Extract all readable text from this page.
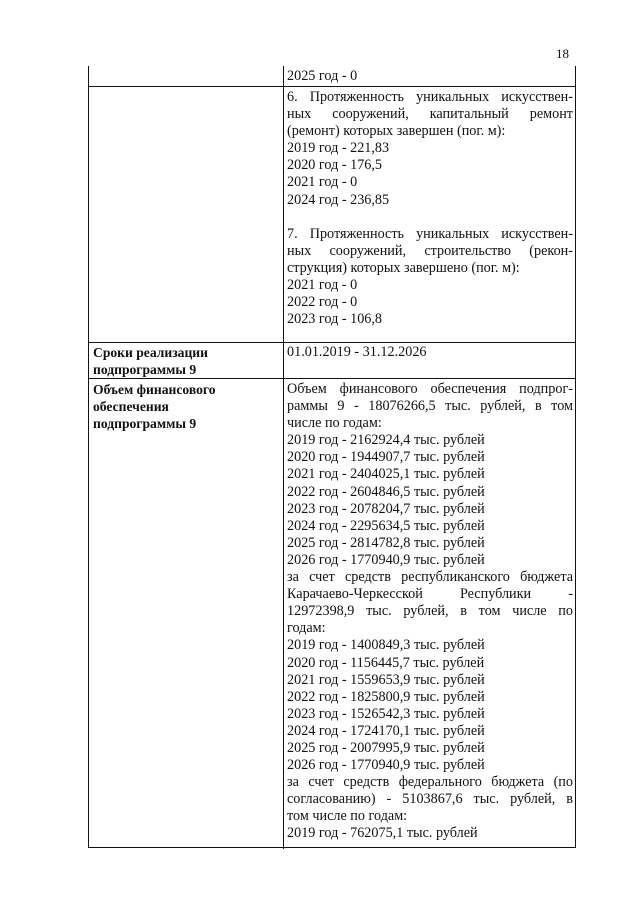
18
2025 год - 0
6. Протяженность уникальных искусствен-
ных сооружений, капитальный ремонт
(ремонт) которых завершен (пог. м):
2019 год - 221,83
2020 год - 176,5
2021 год - 0
2024 год - 236,85
7. Протяженность уникальных искусствен-
ных сооружений, строительство (рекон-
струкция) которых завершено (пог. м):
2021 год - 0
2022 год - 0
2023 год - 106,8
Сроки реализации
подпрограммы 9
01.01.2019 - 31.12.2026
Объем финансового
обеспечения
подпрограммы 9
Объем финансового обеспечения подпрог-
раммы 9 - 18076266,5 тыс. рублей, в том
числе по годам:
2019 год - 2162924,4 тыс. рублей
2020 год - 1944907,7 тыс. рублей
2021 год - 2404025,1 тыс. рублей
2022 год - 2604846,5 тыс. рублей
2023 год - 2078204,7 тыс. рублей
2024 год - 2295634,5 тыс. рублей
2025 год - 2814782,8 тыс. рублей
2026 год - 1770940,9 тыс. рублей
за счет средств республиканского бюджета
Карачаево-Черкесской Республики -
12972398,9 тыс. рублей, в том числе по
годам:
2019 год - 1400849,3 тыс. рублей
2020 год - 1156445,7 тыс. рублей
2021 год - 1559653,9 тыс. рублей
2022 год - 1825800,9 тыс. рублей
2023 год - 1526542,3 тыс. рублей
2024 год - 1724170,1 тыс. рублей
2025 год - 2007995,9 тыс. рублей
2026 год - 1770940,9 тыс. рублей
за счет средств федерального бюджета (по
согласованию) - 5103867,6 тыс. рублей, в
том числе по годам:
2019 год - 762075,1 тыс. рублей
